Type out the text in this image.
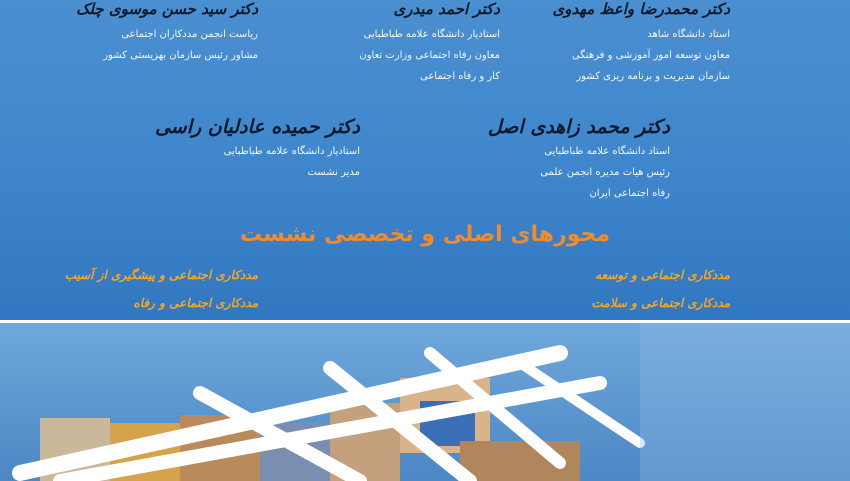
دکتر محمدرضا واعظ مهدوی
استاد دانشگاه شاهد
معاون توسعه امور آموزشی و فرهنگی
سازمان مدیریت و برنامه ریزی کشور
دکتر احمد میدری
استادیار دانشگاه علامه طباطبایی
معاون رفاه اجتماعی وزارت تعاون
کار و رفاه اجتماعی
دکتر سید حسن موسوی چلک
ریاست انجمن مددکاران اجتماعی
مشاور رئیس سازمان بهزیستی کشور
دکتر محمد زاهدی اصل
استاد دانشگاه علامه طباطبایی
رئیس هیات مدیره انجمن علمی
رفاه اجتماعی ایران
دکتر حمیده عادلیان راسی
استادیار دانشگاه علامه طباطبایی
مدیر نشست
محورهای اصلی و تخصصی نشست
مددکاری اجتماعی و توسعه
مددکاری اجتماعی و سلامت
مددکاری اجتماعی و پیشگیری از آسیب
مددکاری اجتماعی و رفاه
